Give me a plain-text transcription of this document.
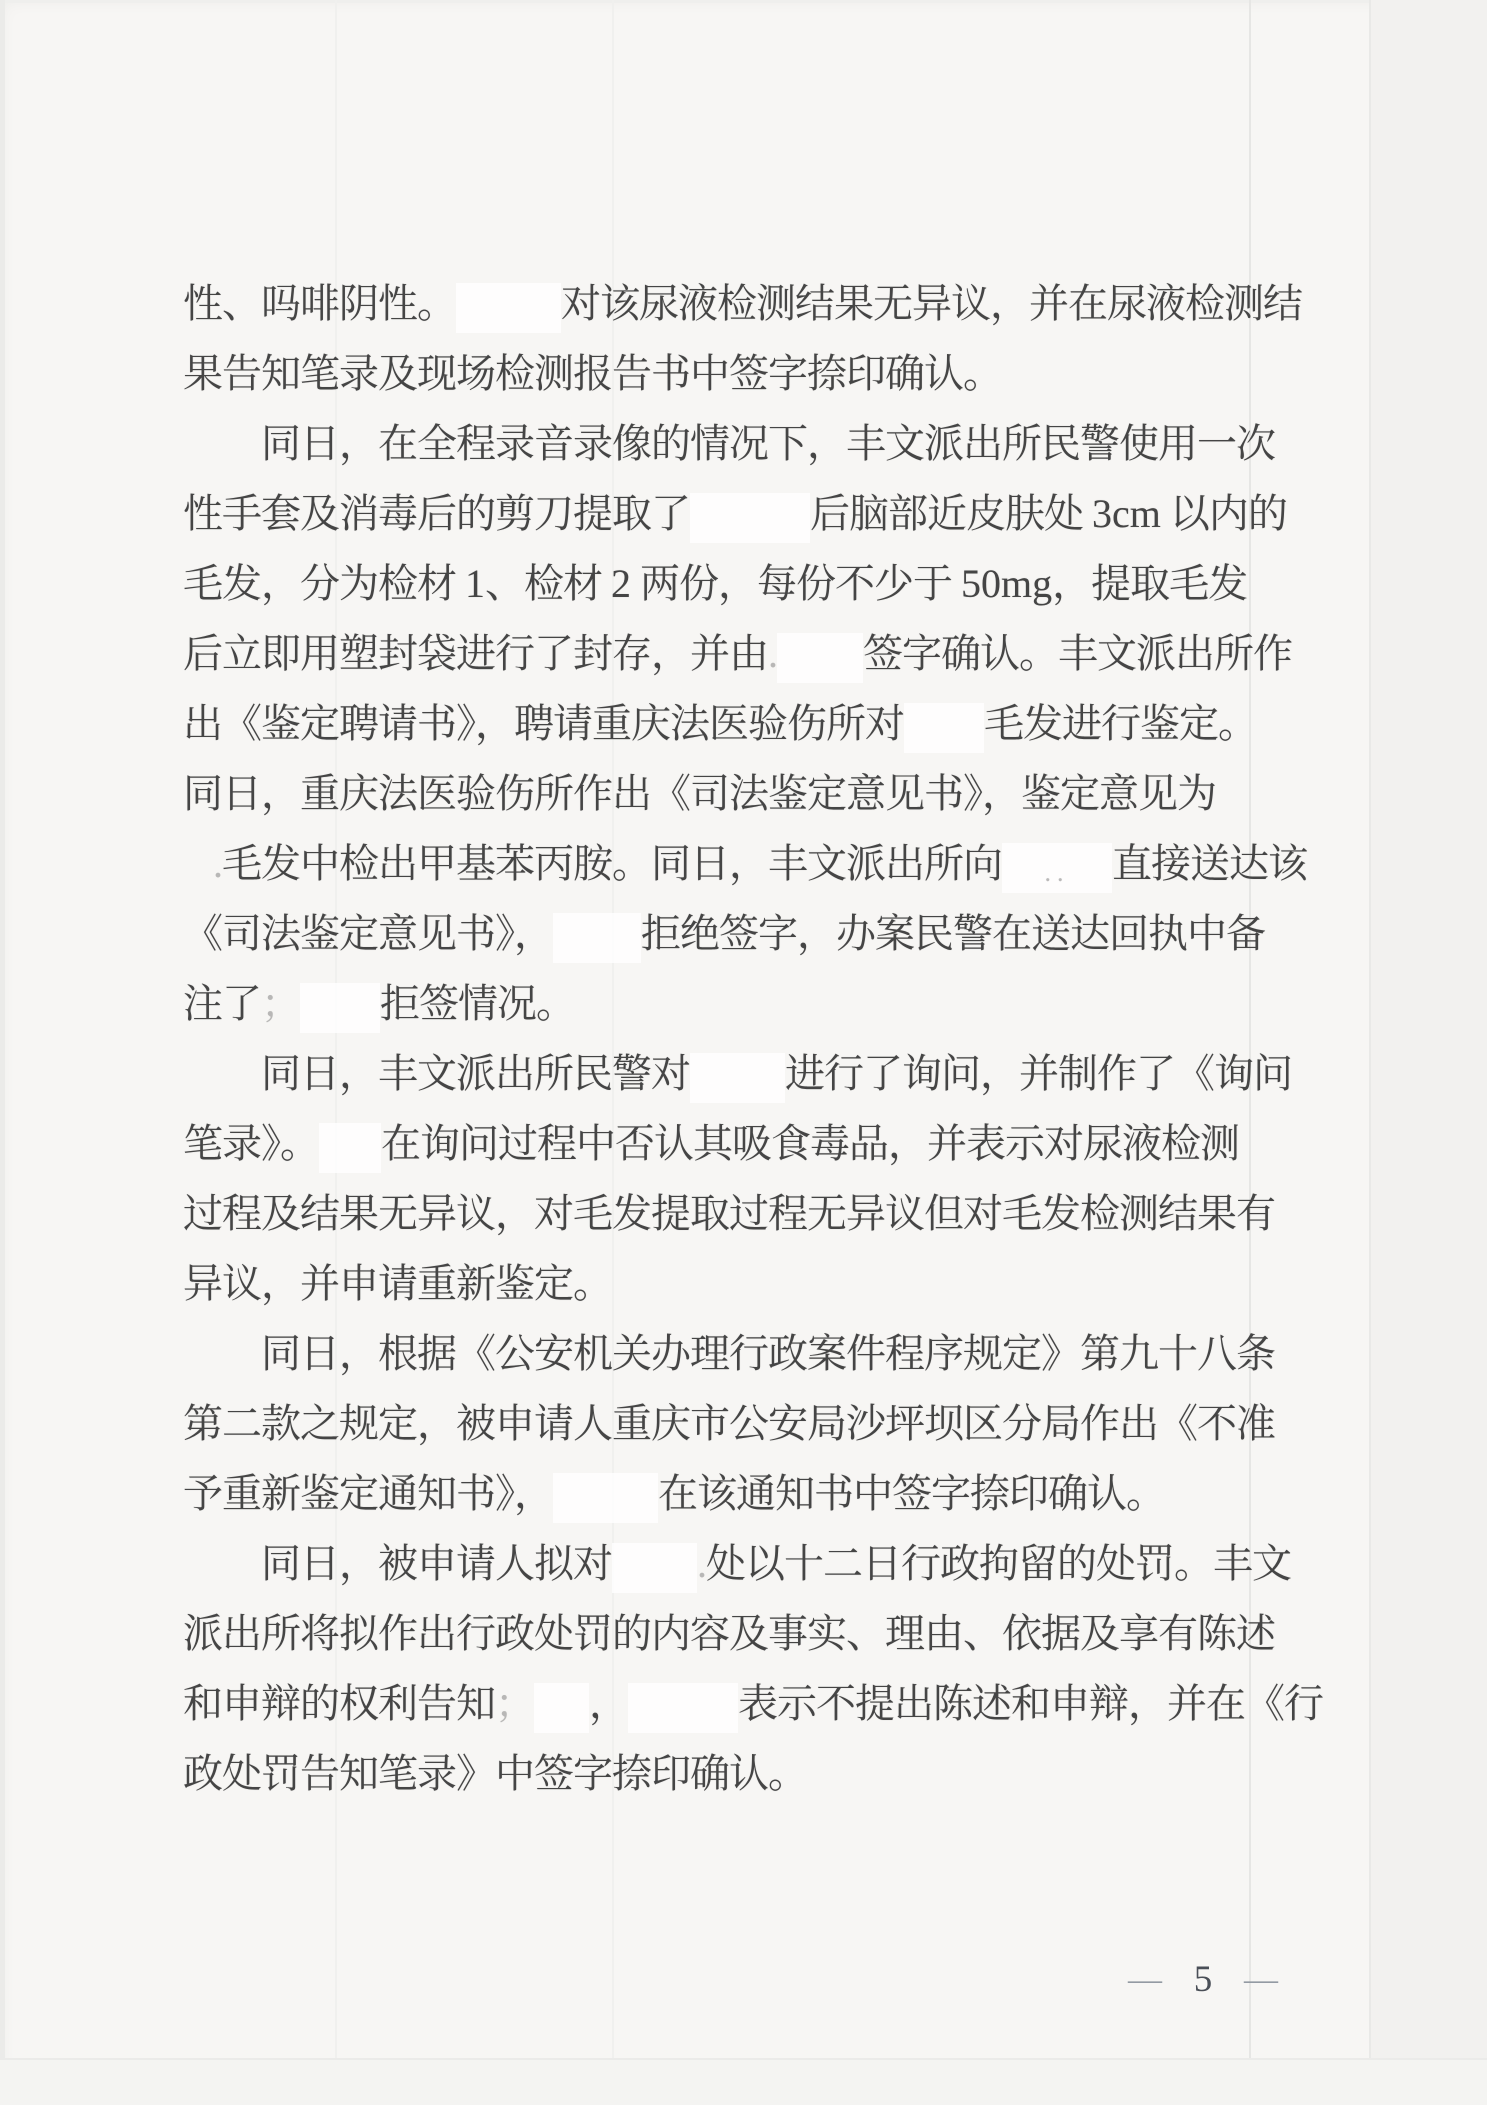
性、吗啡阴性。	对该尿液检测结果无异议，并在尿液检测结
果告知笔录及现场检测报告书中签字捺印确认。
同日，在全程录音录像的情况下，丰文派出所民警使用一次
性手套及消毒后的剪刀提取了	后脑部近皮肤处 3cm 以内的
毛发，分为检材 1、检材 2 两份，每份不少于 50mg，提取毛发
后立即用塑封袋进行了封存，并由. 签字确认。丰文派出所作
出《鉴定聘请书》，聘请重庆法医验伤所对 毛发进行鉴定。
同日，重庆法医验伤所作出《司法鉴定意见书》，鉴定意见为
.毛发中检出甲基苯丙胺。同日，丰文派出所向 .. 直接送达该
《司法鉴定意见书》， 拒绝签字，办案民警在送达回执中备
注了； 拒签情况。
同日，丰文派出所民警对 进行了询问，并制作了《询问
笔录》。 在询问过程中否认其吸食毒品，并表示对尿液检测
过程及结果无异议，对毛发提取过程无异议但对毛发检测结果有
异议，并申请重新鉴定。
同日，根据《公安机关办理行政案件程序规定》第九十八条
第二款之规定，被申请人重庆市公安局沙坪坝区分局作出《不准
予重新鉴定通知书》，	在该通知书中签字捺印确认。
同日，被申请人拟对 .处以十二日行政拘留的处罚。丰文
派出所将拟作出行政处罚的内容及事实、理由、依据及享有陈述
和申辩的权利告知； ，	表示不提出陈述和申辩，并在《行
政处罚告知笔录》中签字捺印确认。
— 5 —
